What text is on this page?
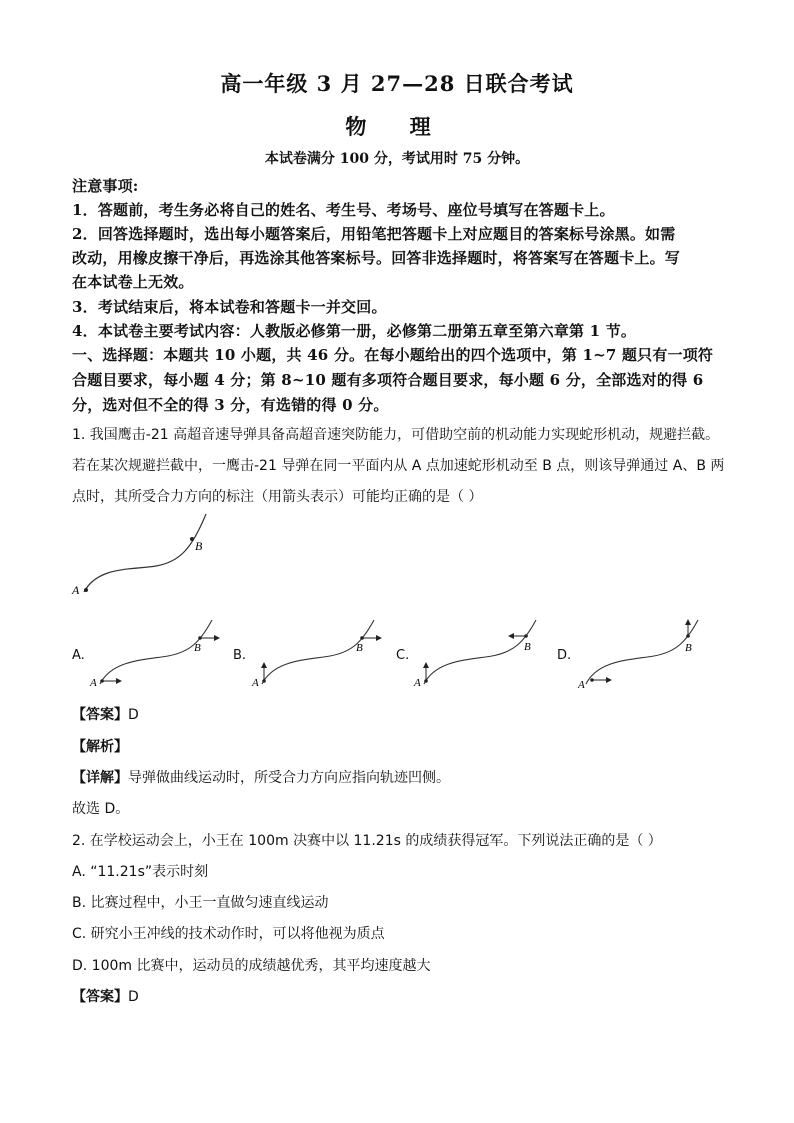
高一年级 3 月 27—28 日联合考试
物 理
本试卷满分 100 分，考试用时 75 分钟。
注意事项:
1．答题前，考生务必将自己的姓名、考生号、考场号、座位号填写在答题卡上。
2．回答选择题时，选出每小题答案后，用铅笔把答题卡上对应题目的答案标号涂黑。如需
改动，用橡皮擦干净后，再选涂其他答案标号。回答非选择题时，将答案写在答题卡上。写
在本试卷上无效。
3．考试结束后，将本试卷和答题卡一并交回。
4．本试卷主要考试内容：人教版必修第一册，必修第二册第五章至第六章第 1 节。
一、选择题：本题共 10 小题，共 46 分。在每小题给出的四个选项中，第 1~7 题只有一项符
合题目要求，每小题 4 分；第 8~10 题有多项符合题目要求，每小题 6 分，全部选对的得 6
分，选对但不全的得 3 分，有选错的得 0 分。
1. 我国鹰击-21 高超音速导弹具备高超音速突防能力，可借助空前的机动能力实现蛇形机动，规避拦截。
若在某次规避拦截中，一鹰击-21 导弹在同一平面内从 A 点加速蛇形机动至 B 点，则该导弹通过 A、B 两
点时，其所受合力方向的标注（用箭头表示）可能均正确的是（ ）
A
B
A.
A
B B.
A
B	C.
A
B
D.
A
B
【答案】D
【解析】
【详解】导弹做曲线运动时，所受合力方向应指向轨迹凹侧。
故选 D。
2. 在学校运动会上，小王在 100m 决赛中以 11.21s 的成绩获得冠军。下列说法正确的是（ ）
A. “11.21s”表示时刻
B. 比赛过程中，小王一直做匀速直线运动
C. 研究小王冲线的技术动作时，可以将他视为质点
D. 100m 比赛中，运动员的成绩越优秀，其平均速度越大
【答案】D
